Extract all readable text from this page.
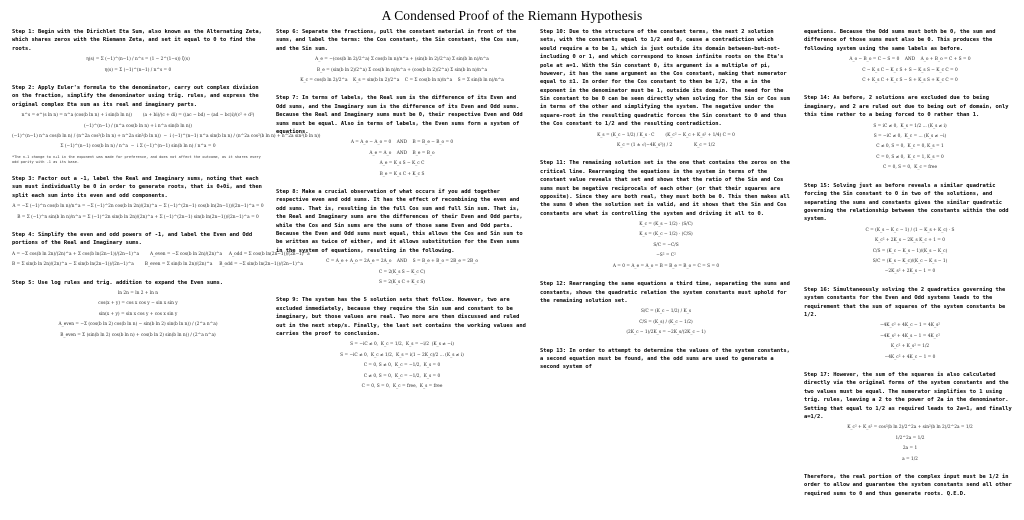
A Condensed Proof of the Riemann Hypothesis
Step 1: Begin with the Dirichlet Eta Sum, also known as the Alternating Zeta, which shares zeros with the Riemann Zeta, and set it equal to 0 to find the roots.
η(s) = Σ (−1)^(n−1) / n^s = (1 − 2^(1−s)) ζ(s)
η(s) = Σ (−1)^(n−1) / n^s = 0
Step 2: Apply Euler's formula to the denominator, carry out complex division on the fraction, simplify the denominator using trig. rules, and express the original complex Eta sum as its real and imaginary parts.
n^s = e^(s ln n) = n^a (cos(b ln n) + i sin(b ln n))        (a + bi)/(c + di) = ((ac − bd) − (ad − bc)i)/(c² + d²)
(−1)^(n−1) / (n^a cos(b ln n) + i n^a sin(b ln n))
(−1)^(n−1) n^a cos(b ln n) / (n^2a cos²(b ln n) + n^2a sin²(b ln n))  −  i (−1)^(n−1) n^a sin(b ln n) / (n^2a cos²(b ln n) + n^2a sin²(b ln n))
Σ (−1)^(n−1) cos(b ln n) / n^a  −  i Σ (−1)^(n−1) sin(b ln n) / n^a = 0
*The n-1 change to n+1 in the exponent was made for preference, and does not affect the outcome, as it shares every odd parity with -1 as its base.
Step 3: Factor out a -1, label the Real and Imaginary sums, noting that each sum must individually be 0 in order to generate roots, that is 0+0i, and then split each sum into its even and odd components.
A = −Σ (−1)^n cos(b ln n)/n^a = −Σ (−1)^2n cos(b ln 2n)/(2n)^a − Σ (−1)^(2n−1) cos(b ln(2n−1))/(2n−1)^a = 0
B = Σ (−1)^n sin(b ln n)/n^a = Σ (−1)^2n sin(b ln 2n)/(2n)^a + Σ (−1)^(2n−1) sin(b ln(2n−1))/(2n−1)^a = 0
Step 4: Simplify the even and odd powers of -1, and label the Even and Odd portions of the Real and Imaginary sums.
A = −Σ cos(b ln 2n)/(2n)^a + Σ cos(b ln(2n−1))/(2n−1)^a        A_even = −Σ cos(b ln 2n)/(2n)^a     A_odd = Σ cos(b ln(2n−1))/(2n−1)^a
B = Σ sin(b ln 2n)/(2n)^a − Σ sin(b ln(2n−1))/(2n−1)^a        B_even = Σ sin(b ln 2n)/(2n)^a     B_odd = −Σ sin(b ln(2n−1))/(2n−1)^a
Step 5: Use log rules and trig. addition to expand the Even sums.
ln 2n = ln 2 + ln n
cos(x + y) = cos x cos y − sin x sin y
sin(x + y) = sin x cos y + cos x sin y
A_even = −Σ (cos(b ln 2) cos(b ln n) − sin(b ln 2) sin(b ln n)) / (2^a n^a)
B_even = Σ (sin(b ln 2) cos(b ln n) + cos(b ln 2) sin(b ln n)) / (2^a n^a)
Step 6: Separate the fractions, pull the constant material in front of the sums, and label the terms: the Cos constant, the Sin constant, the Cos sum, and the Sin sum.
A_e = −(cos(b ln 2)/2^a) Σ cos(b ln n)/n^a + (sin(b ln 2)/2^a) Σ sin(b ln n)/n^a
B_e = (sin(b ln 2)/2^a) Σ cos(b ln n)/n^a + (cos(b ln 2)/2^a) Σ sin(b ln n)/n^a
K_c = cos(b ln 2)/2^a    K_s = sin(b ln 2)/2^a    C = Σ cos(b ln n)/n^a    S = Σ sin(b ln n)/n^a
Step 7: In terms of labels, the Real sum is the difference of its Even and Odd sums, and the Imaginary sum is the difference of its Even and Odd sums. Because the Real and Imaginary sums must be 0, their respective Even and Odd sums must be equal. Also in terms of labels, the Even sums form a system of equations.
A = A_e − A_o = 0    AND    B = B_e − B_o = 0
A_e = A_o    AND    B_e = B_o
A_e = K_s S − K_c C
B_e = K_s C + K_c S
Step 8: Make a crucial observation of what occurs if you add together respective even and odd sums. It has the effect of recombining the even and odd sums. That is, resulting in the full Cos sum and full Sin sum. That is, the Real and Imaginary sums are the differences of their Even and Odd parts, while the Cos and Sin sums are the sums of those same Even and Odd parts. Because the Even and Odd sums must equal, this allows the Cos and Sin sum to be written as twice of either, and it allows substitution for the Even sums in the system of equations, resulting in the following.
C = A_e + A_o = 2A_e = 2A_o    AND    S = B_e + B_o = 2B_e = 2B_o
C = 2(K_s S − K_c C)
S = 2(K_s C + K_c S)
Step 9: The system has the 5 solution sets that follow. However, two are excluded immediately, because they require the Sin sum and constant to be imaginary, but those values are real. Two more are then discussed and ruled out in the next step/s. Finally, the last set contains the working values and carries the proof to conclusion.
S = −iC ≠ 0,  K_c = 1/2,  K_s = −i/2  (K_s ≠ −i)
S = −iC ≠ 0,  K_c ≠ 1/2,  K_s = i(1 − 2K_c)/2 ... (K_s ≠ i)
C = 0, S ≠ 0,  K_c = −1/2,  K_s = 0
C ≠ 0, S = 0,  K_c = −1/2,  K_s = 0
C = 0, S = 0,  K_c = free,  K_s = free
Step 10: Due to the structure of the constant terms, the next 2 solution sets, with the constants equal to 1/2 and 0, cause a contradiction which would require a to be 1, which is just outside its domain between-but-not-including 0 or 1, and which correspond to known infinite roots on the Eta's pole at a=1. With the Sin constant 0, its argument is a multiple of pi, however, it has the same argument as the Cos constant, making that numerator equal to ±1. In order for the Cos constant to then be 1/2, the a in the exponent in the denominator must be 1, outside its domain. The need for the Sin constant to be 0 can be seen directly when solving for the Sin or Cos sum in terms of the other and simplifying the system. The negative under the square-root in the resulting quadratic forces the Sin constant to 0 and thus the Cos constant to 1/2 and the resulting contradiction.
K_s = (K_c − 1/2) / K_s · C        (K_c² − K_c + K_s² + 1/4) C = 0
K_c = (1 ± √(−4K_s²)) / 2                K_c = 1/2
Step 11: The remaining solution set is the one that contains the zeros on the critical line. Rearranging the equations in the system in terms of the constant value reveals that set and shows that the ratio of the Sin and Cos sums must be negative reciprocals of each other (or that their squares are opposite). Since they are both real, they must both be 0. This then makes all the sums 0 when the solution set is valid, and it shows that the Sin and Cos constants are what is controlling the system and driving it all to 0.
K_c = (K_s − 1/2) · (S/C)
K_s = (K_c − 1/2) · (C/S)
S/C = −C/S
−S² = C²
A = 0 = A_e = A_o = B = B_e = B_o = C = S = 0
Step 12: Rearranging the same equations a third time, separating the sums and constants, shows the quadratic relation the system constants must uphold for the remaining solution set.
S/C = (K_c − 1/2) / K_s
C/S = (K_s) / (K_c − 1/2)
(2K_c − 1)/2K_s = −2K_s/(2K_c − 1)
Step 13: In order to attempt to determine the values of the system constants, a second equation must be found, and the odd sums are used to generate a second system of
equations. Because the Odd sums must both be 0, the sum and difference of those sums must also be 0. This produces the following system using the same labels as before.
A_o − B_o = C − S = 0    AND    A_o + B_o = C + S = 0
C − K_s C − K_c S + S − K_s S − K_c C = 0
C + K_s C + K_c S − S + K_s S + K_c C = 0
Step 14: As before, 2 solutions are excluded due to being imaginary, and 2 are ruled out due to being out of domain, only this time rather to a being forced to 0 rather than 1.
S = iC ≠ 0,  K_s = 1/2 ... (K_s ≠ i)
S = −iC ≠ 0,  K_c = ... (K_s ≠ −i)
C ≠ 0, S = 0,  K_c = 0, K_s = 1
C = 0, S ≠ 0,  K_c = 1, K_s = 0
C = 0, S = 0,  K_c = free
Step 15: Solving just as before reveals a similar quadratic forcing the Sin constant to 0 in two of the solutions, and separating the sums and constants gives the similar quadratic governing the relationship between the constants within the odd system.
C = (K_s − K_c − 1) / (1 − K_s + K_c) · S
K_c² + 2K_s − 2K_s K_c + 1 = 0
C/S = (K_c − K_s − 1)/(K_s − K_c)
S/C = (K_s − K_c)/(K_c − K_s − 1)
−2K_s² + 2K_s − 1 = 0
Step 16: Simultaneously solving the 2 quadratics governing the system constants for the Even and Odd systems leads to the requirement that the sum of squares of the system constants be 1/2.
−4K_c² + 4K_c − 1 = 4K_s²
−4K_s² + 4K_s − 1 = 4K_c²
K_c² + K_s² = 1/2
−4K_c² + 4K_c − 1 = 0
Step 17: However, the sum of the squares is also calculated directly via the original forms of the system constants and the two values must be equal. The numerator simplifies to 1 using trig. rules, leaving a 2 to the power of 2a in the denominator. Setting that equal to 1/2 as required leads to 2a=1, and finally a=1/2.
K_c² + K_s² = cos²(b ln 2)/2^2a + sin²(b ln 2)/2^2a = 1/2
1/2^2a = 1/2
2a = 1
a = 1/2
Therefore, the real portion of the complex input must be 1/2 in order to allow and guarantee the system constants send all other required sums to 0 and thus generate roots. Q.E.D.
